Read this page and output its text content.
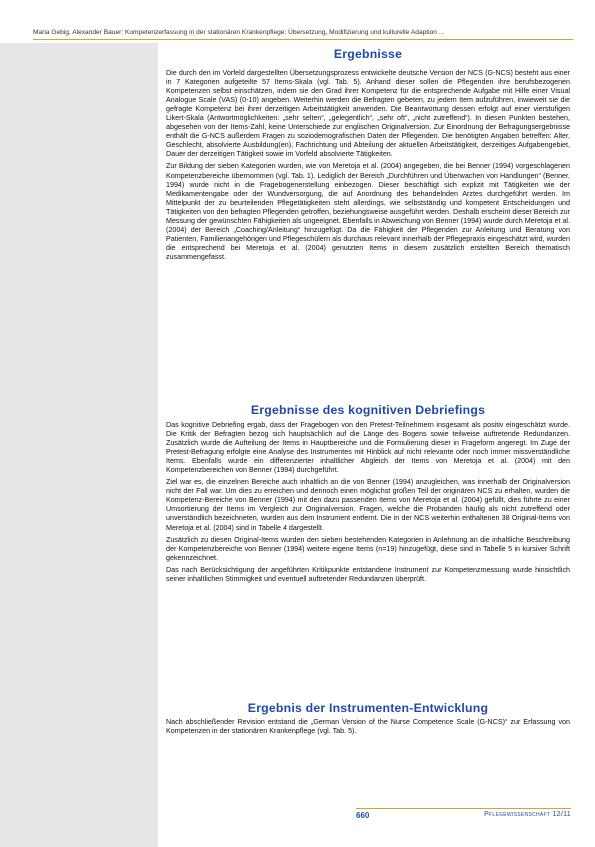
Maria Gebig, Alexander Bauer: Kompetenzerfassung in der stationären Krankenpflege: Übersetzung, Modifizierung und kulturelle Adaption ...
Ergebnisse

Die durch den im Vorfeld dargestellten Übersetzungsprozess entwickelte deutsche Version der NCS (G-NCS) besteht aus einer in 7 Kategorien aufgeteilte 57 Items-Skala (vgl. Tab. 5). Anhand dieser sollen die Pflegenden ihre berufsbezogenen Kompetenzen selbst einschätzen, indem sie den Grad ihrer Kompetenz für die entsprechende Aufgabe mit Hilfe einer Visual Analogue Scale (VAS) (0-10) angeben. Weiterhin werden die Befragten gebeten, zu jedem Item aufzuführen, inwieweit sie die gefragte Kompetenz bei ihrer derzeitigen Arbeitstätigkeit anwenden. Die Beantwortung dessen erfolgt auf einer vierstufigen Likert-Skala (Antwortmöglichkeiten: „sehr selten“, „gelegentlich“, „sehr oft“, „nicht zutreffend“). In diesen Punkten bestehen, abgesehen von der Items-Zahl, keine Unterschiede zur englischen Originalversion. Zur Einordnung der Befragungsergebnisse enthält die G-NCS außerdem Fragen zu soziodemografischen Daten der Pflegenden. Die benötigten Angaben betreffen: Alter, Geschlecht, absolvierte Ausbildung(en), Fachrichtung und Abteilung der aktuellen Arbeitstätigkeit, derzeitiges Aufgabengebiet, Dauer der derzeitigen Tätigkeit sowie im Vorfeld absolvierte Tätigkeiten.

Zur Bildung der sieben Kategorien wurden, wie von Meretoja et al. (2004) angegeben, die bei Benner (1994) vorgeschlagenen Kompetenzbereiche übernommen (vgl. Tab. 1). Lediglich der Bereich „Durchführen und Überwachen von Handlungen“ (Benner, 1994) wurde nicht in die Fragebogenerstellung einbezogen. Dieser beschäftigt sich explizit mit Tätigkeiten wie der Medikamentengabe oder der Wundversorgung, die auf Anordnung des behandelnden Arztes durchgeführt werden. Im Mittelpunkt der zu beurteilenden Pflegetätigkeiten steht allerdings, wie selbstständig und kompetent Entscheidungen und Tätigkeiten von den befragten Pflegenden getroffen, beziehungsweise ausgeführt werden. Deshalb erscheint dieser Bereich zur Messung der gewünschten Fähigkeiten als ungeeignet. Ebenfalls in Abweichung von Benner (1994) wurde durch Meretoja et al. (2004) der Bereich „Coaching/Anleitung“ hinzugefügt. Da die Fähigkeit der Pflegenden zur Anleitung und Beratung von Patienten, Familienangehörigen und Pflegeschülern als durchaus relevant innerhalb der Pflegepraxis eingeschätzt wird, wurden die entsprechend bei Meretoja et al. (2004) genutzten Items in diesem zusätzlich erstellten Bereich thematisch zusammengefasst.

Ergebnisse des kognitiven Debriefings

Das kognitive Debriefing ergab, dass der Fragebogen von den Pretest-Teilnehmern insgesamt als positiv eingeschätzt wurde. Die Kritik der Befragten bezog sich hauptsächlich auf die Länge des Bogens sowie teilweise auftretende Redundanzen. Zusätzlich wurde die Aufteilung der Items in Hauptbereiche und die Formulierung dieser in Frageform angeregt. Im Zuge der Pretest-Befragung erfolgte eine Analyse des Instrumentes mit Hinblick auf nicht relevante oder noch immer missverständliche Items. Ebenfalls wurde ein differenzierter inhaltlicher Abgleich der Items von Meretoja et al. (2004) mit den Kompetenzbereichen von Benner (1994) durchgeführt.

Ziel war es, die einzelnen Bereiche auch inhaltlich an die von Benner (1994) anzugleichen, was innerhalb der Originalversion nicht der Fall war. Um dies zu erreichen und dennoch einen möglichst großen Teil der originären NCS zu erhalten, wurden die Kompetenz-Bereiche von Benner (1994) mit den dazu passenden Items von Meretoja et al. (2004) gefüllt, dies führte zu einer Umsortierung der Items im Vergleich zur Originalversion. Fragen, welche die Probanden häufig als nicht zutreffend oder unverständlich bezeichneten, wurden aus dem Instrument entfernt. Die in der NCS weiterhin enthaltenen 38 Original-Items von Meretoja et al. (2004) sind in Tabelle 4 dargestellt.

Zusätzlich zu diesen Original-Items wurden den sieben bestehenden Kategorien in Anlehnung an die inhaltliche Beschreibung der Kompetenzbereiche von Benner (1994) weitere eigene Items (n=19) hinzugefügt, diese sind in Tabelle 5 in kursiver Schrift gekennzeichnet.

Das nach Berücksichtigung der angeführten Kritikpunkte entstandene Instrument zur Kompetenzmessung wurde hinsichtlich seiner inhaltlichen Stimmigkeit und eventuell auftretender Redundanzen überprüft.

Ergebnis der Instrumenten-Entwicklung

Nach abschließender Revision entstand die „German Version of the Nurse Competence Scale (G-NCS)“ zur Erfassung von Kompetenzen in der stationären Krankenpflege (vgl. Tab. 5).

660	Pflegewissenschaft 12/11
